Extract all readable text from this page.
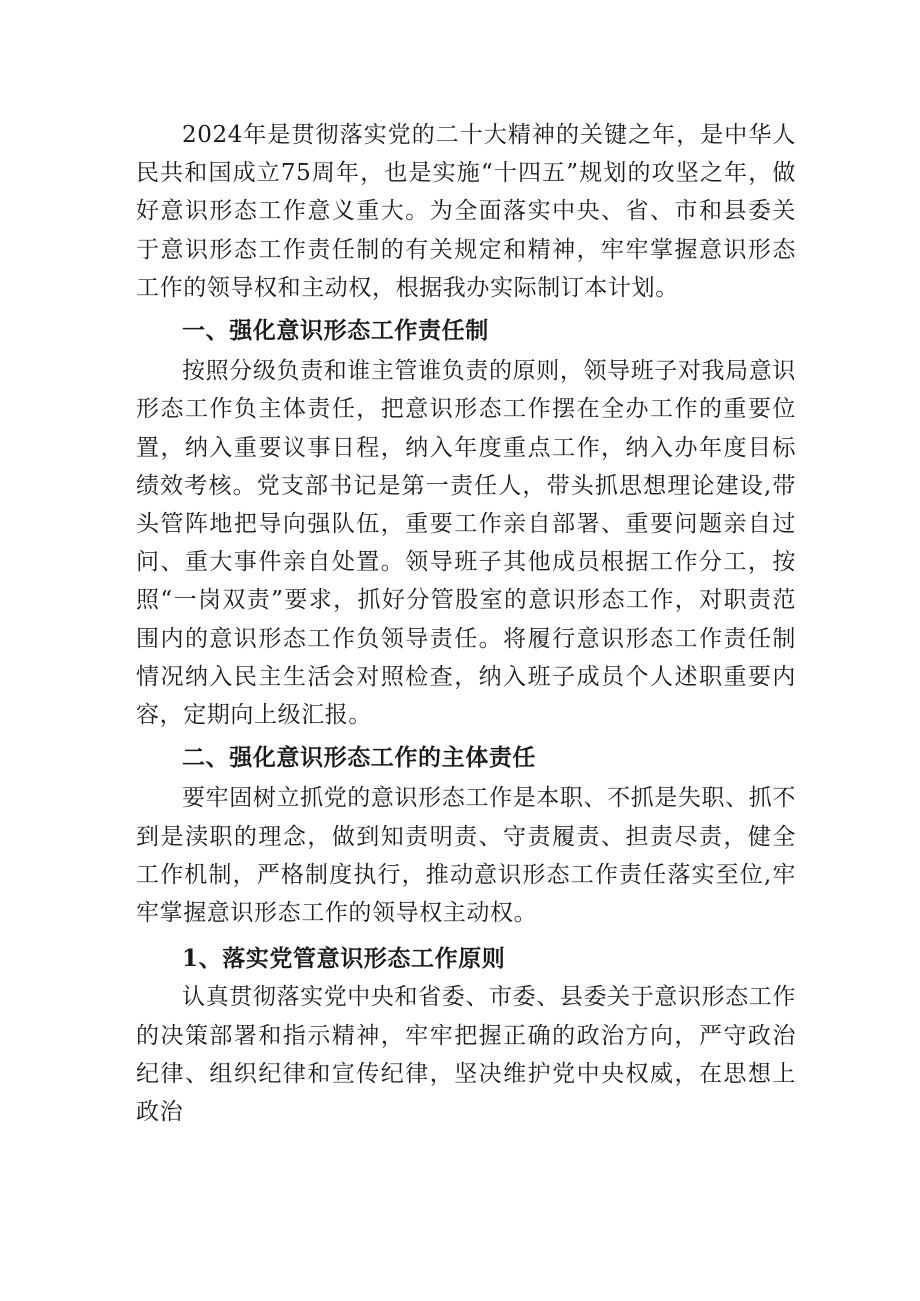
2024年是贯彻落实党的二十大精神的关键之年，是中华人民共和国成立75周年，也是实施“十四五”规划的攻坚之年，做好意识形态工作意义重大。为全面落实中央、省、市和县委关于意识形态工作责任制的有关规定和精神，牢牢掌握意识形态工作的领导权和主动权，根据我办实际制订本计划。

一、强化意识形态工作责任制

按照分级负责和谁主管谁负责的原则，领导班子对我局意识形态工作负主体责任，把意识形态工作摆在全办工作的重要位置，纳入重要议事日程，纳入年度重点工作，纳入办年度目标绩效考核。党支部书记是第一责任人，带头抓思想理论建设,带头管阵地把导向强队伍，重要工作亲自部署、重要问题亲自过问、重大事件亲自处置。领导班子其他成员根据工作分工，按照“一岗双责”要求，抓好分管股室的意识形态工作，对职责范围内的意识形态工作负领导责任。将履行意识形态工作责任制情况纳入民主生活会对照检查，纳入班子成员个人述职重要内容，定期向上级汇报。

二、强化意识形态工作的主体责任

要牢固树立抓党的意识形态工作是本职、不抓是失职、抓不到是渎职的理念，做到知责明责、守责履责、担责尽责，健全工作机制，严格制度执行，推动意识形态工作责任落实至位,牢牢掌握意识形态工作的领导权主动权。

1、落实党管意识形态工作原则

认真贯彻落实党中央和省委、市委、县委关于意识形态工作的决策部署和指示精神，牢牢把握正确的政治方向，严守政治纪律、组织纪律和宣传纪律，坚决维护党中央权威，在思想上政治
